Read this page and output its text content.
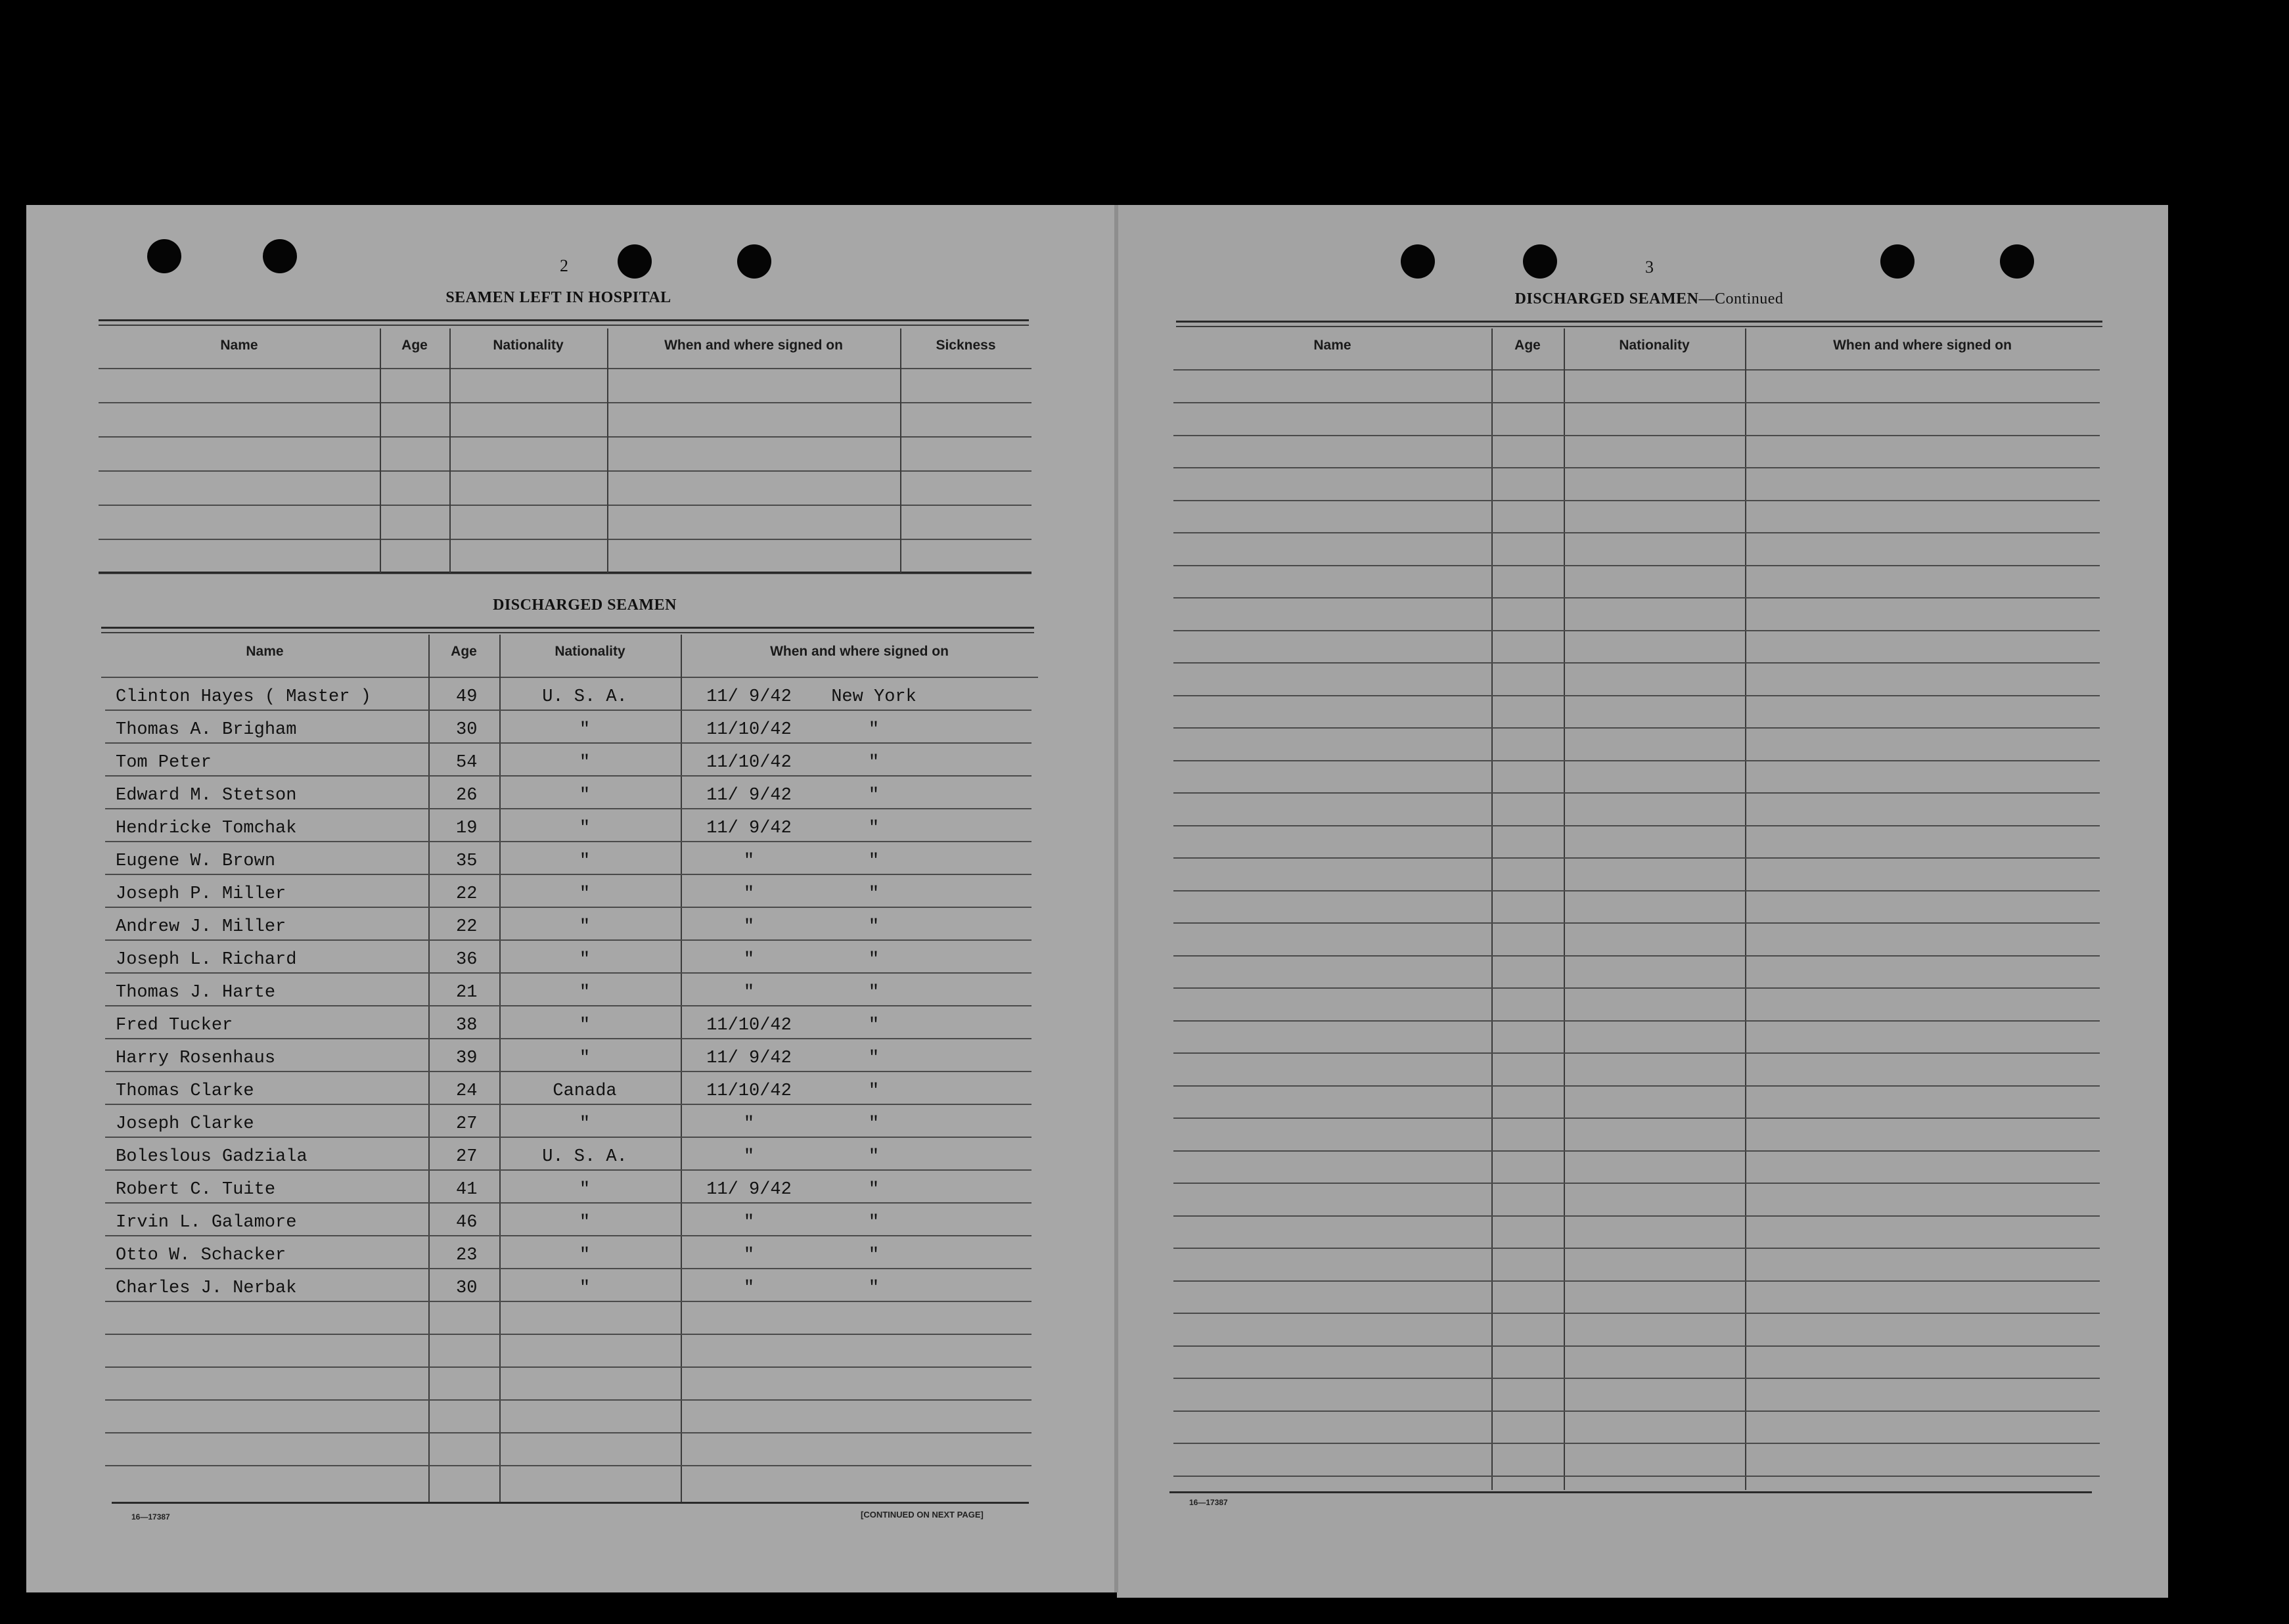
2
SEAMEN LEFT IN HOSPITAL
Name	Age	Nationality	When and where signed on	Sickness
DISCHARGED SEAMEN
Name	Age	Nationality	When and where signed on
Clinton Hayes ( Master )	49	U. S. A.	11/ 9/42	New York
Thomas A. Brigham	30	"	11/10/42	"
Tom Peter	54	"	11/10/42	"
Edward M. Stetson	26	"	11/ 9/42	"
Hendricke Tomchak	19	"	11/ 9/42	"
Eugene W. Brown	35	"	"	"
Joseph P. Miller	22	"	"	"
Andrew J. Miller	22	"	"	"
Joseph L. Richard	36	"	"	"
Thomas J. Harte	21	"	"	"
Fred Tucker	38	"	11/10/42	"
Harry Rosenhaus	39	"	11/ 9/42	"
Thomas Clarke	24	Canada	11/10/42	"
Joseph Clarke	27	"	"	"
Boleslous Gadziala	27	U. S. A.	"	"
Robert C. Tuite	41	"	11/ 9/42	"
Irvin L. Galamore	46	"	"	"
Otto W. Schacker	23	"	"	"
Charles J. Nerbak	30	"	"	"
16—17387	[CONTINUED ON NEXT PAGE]
3
DISCHARGED SEAMEN—Continued
Name	Age	Nationality	When and where signed on
16—17387
